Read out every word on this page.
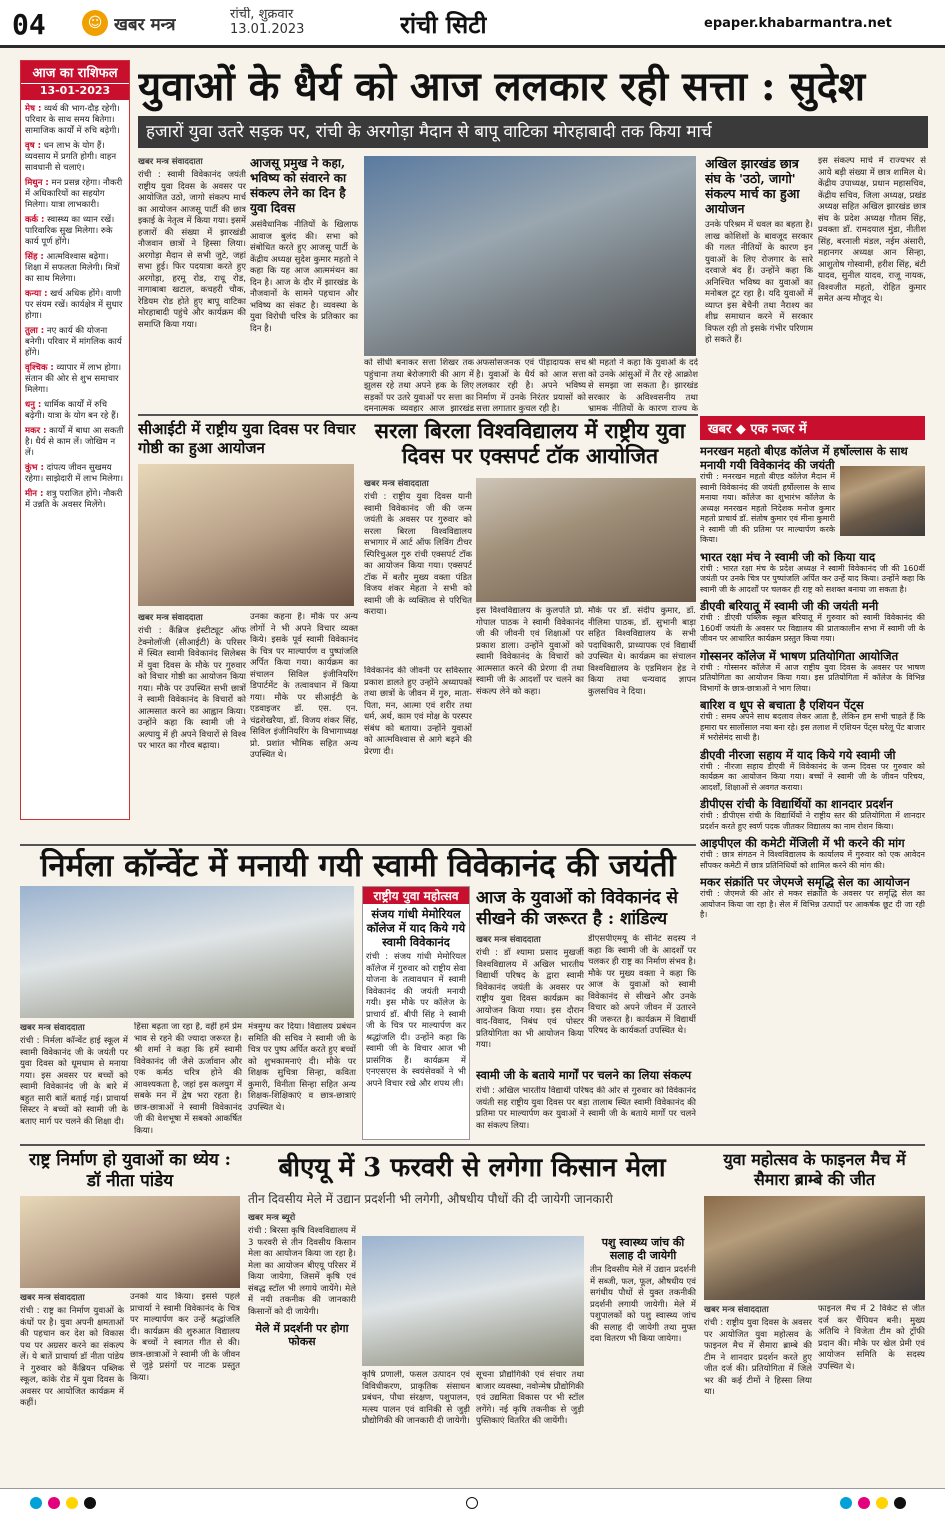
04	☺ खबर मन्त्र
रांची, शुक्रवार
13.01.2023	रांची सिटी	epaper.khabarmantra.net
आज का राशिफल
13-01-2023
मेष : व्यर्थ की भाग-दौड़ रहेगी। परिवार के साथ समय बितेगा। सामाजिक कार्यों में रुचि बढ़ेगी।
वृष : धन लाभ के योग हैं। व्यवसाय में प्रगति होगी। वाहन सावधानी से चलाएं।
मिथुन : मन प्रसन्न रहेगा। नौकरी में अधिकारियों का सहयोग मिलेगा। यात्रा लाभकारी।
कर्क : स्वास्थ्य का ध्यान रखें। पारिवारिक सुख मिलेगा। रुके कार्य पूर्ण होंगे।
सिंह : आत्मविश्वास बढ़ेगा। शिक्षा में सफलता मिलेगी। मित्रों का साथ मिलेगा।
कन्या : खर्च अधिक होंगे। वाणी पर संयम रखें। कार्यक्षेत्र में सुधार होगा।
तुला : नए कार्य की योजना बनेगी। परिवार में मांगलिक कार्य होंगे।
वृश्चिक : व्यापार में लाभ होगा। संतान की ओर से शुभ समाचार मिलेगा।
धनु : धार्मिक कार्यों में रुचि बढ़ेगी। यात्रा के योग बन रहे हैं।
मकर : कार्यों में बाधा आ सकती है। धैर्य से काम लें। जोखिम न लें।
कुंभ : दांपत्य जीवन सुखमय रहेगा। साझेदारी में लाभ मिलेगा।
मीन : शत्रु पराजित होंगे। नौकरी में उन्नति के अवसर मिलेंगे।
युवाओं के धैर्य को आज ललकार रही सत्ता : सुदेश
हजारों युवा उतरे सड़क पर, रांची के अरगोड़ा मैदान से बापू वाटिका मोरहाबादी तक किया मार्च
खबर मन्त्र संवाददाता
रांची : स्वामी विवेकानंद जयंती राष्ट्रीय युवा दिवस के अवसर पर आयोजित उठो, जागो संकल्प मार्च का आयोजन आजसू पार्टी की छात्र इकाई के नेतृत्व में किया गया। इसमें हजारों की संख्या में झारखंडी नौजवान छात्रों ने हिस्सा लिया। अरगोड़ा मैदान से सभी जुटे, जहां सभा हुई। फिर पदयात्रा करते हुए अरगोड़ा, हरमू रोड, राधू रोड, नागाबाबा खटाल, कचहरी चौक, रेडियम रोड होते हुए बापू वाटिका मोरहाबादी पहुंचे और कार्यक्रम की समाप्ति किया गया।
आजसू प्रमुख ने कहा, भविष्य को संवारने का संकल्प लेने का दिन है युवा दिवस
असंवैधानिक नीतियों के खिलाफ आवाज बुलंद की। सभा को संबोधित करते हुए आजसू पार्टी के केंद्रीय अध्यक्ष सुदेश कुमार महतो ने कहा कि यह आज आत्ममंथन का दिन है। आज के दौर में झारखंड के नौजवानों के सामने पहचान और भविष्य का संकट है। व्यवस्था के युवा विरोधी चरित्र के प्रतिकार का दिन है।
को सीधी बनाकर सत्ता शिखर तक पहुंचाना तथा बेरोजगारी की आग में झुलस रहे तथा अपने हक के लिए सड़कों पर उतरे युवाओं पर सत्ता का दमनात्मक व्यवहार आज झारखंड
अफसोसजनक एवं पीड़ादायक सच है। युवाओं के धैर्य को आज सत्ता ललकार रही है। अपने भविष्य निर्माण में उनके निरंतर प्रयासों को सत्ता लगातार कुचल रही है।
श्री महतो ने कहा कि युवाओं के दर्द को उनके आंसुओं में तैर रहे आक्रोश से समझा जा सकता है। झारखंड सरकार के अविश्वसनीय तथा भ्रामक नीतियों के कारण राज्य के
अखिल झारखंड छात्र संघ के 'उठो, जागो' संकल्प मार्च का हुआ आयोजन
उनके परिश्रम में धवल का बहता है। लाख कोशिशों के बावजूद सरकार की गलत नीतियों के कारण इन युवाओं के लिए रोजगार के सारे दरवाजे बंद हैं। उन्होंने कहा कि अनिश्चित भविष्य का युवाओं का मनोबल टूट रहा है। यदि युवाओं में व्याप्त इस बेचैनी तथा नैराश्य का शीघ्र समाधान करने में सरकार विफल रही तो इसके गंभीर परिणाम हो सकते हैं।
इस संकल्प मार्च में राज्यभर से आये बड़ी संख्या में छात्र शामिल थे। केंद्रीय उपाध्यक्ष, प्रधान महासचिव, केंद्रीय सचिव, जिला अध्यक्ष, प्रखंड अध्यक्ष सहित अखिल झारखंड छात्र संघ के प्रदेश अध्यक्ष गौतम सिंह, प्रवक्ता डॉ. रामदयाल मुंडा, नीतीश सिंह, बरनाली मंडल, नईम अंसारी, महानगर अध्यक्ष आन सिन्हा, आशुतोष गोस्वामी, हरीश सिंह, बंटी यादव, सुनील यादव, राजू नायक, विश्वजीत महतो, रोहित कुमार समेत अन्य मौजूद थे।
सीआईटी में राष्ट्रीय युवा दिवस पर विचार गोष्ठी का हुआ आयोजन
खबर मन्त्र संवाददाता
रांची : कैंब्रिज इंस्टीट्यूट ऑफ टेक्नोलॉजी (सीआईटी) के परिसर में स्थित स्वामी विवेकानंद सिलेबस में युवा दिवस के मौके पर गुरुवार को विचार गोष्ठी का आयोजन किया गया। मौके पर उपस्थित सभी छात्रों ने स्वामी विवेकानंद के विचारों को आत्मसात करने का आह्वान किया। उन्होंने कहा कि स्वामी जी ने अल्पायु में ही अपने विचारों से विश्व पर भारत का गौरव बढ़ाया।
उनका कहना है। मौके पर अन्य लोगों ने भी अपने विचार व्यक्त किये। इसके पूर्व स्वामी विवेकानंद के चित्र पर माल्यार्पण व पुष्पांजलि अर्पित किया गया। कार्यक्रम का संचालन सिविल इंजीनियरिंग डिपार्टमेंट के तत्वावधान में किया गया। मौके पर सीआईटी के एडवाइजर डॉ. एस. एन. चंद्रशेखरैया, डॉ. विजय शंकर सिंह, सिविल इंजीनियरिंग के विभागाध्यक्ष प्रो. प्रशांत भौमिक सहित अन्य उपस्थित थे।
सरला बिरला विश्वविद्यालय में राष्ट्रीय युवा दिवस पर एक्सपर्ट टॉक आयोजित
खबर मन्त्र संवाददाता
रांची : राष्ट्रीय युवा दिवस यानी स्वामी विवेकानंद जी की जन्म जयंती के अवसर पर गुरुवार को सरला बिरला विश्वविद्यालय सभागार में आर्ट ऑफ लिविंग टीचर स्पिरिचुअल गुरु रांची एक्सपर्ट टॉक का आयोजन किया गया। एक्सपर्ट टॉक में बतौर मुख्य वक्ता पंडित विजय शंकर मेहता ने सभी को स्वामी जी के व्यक्तित्व से परिचित कराया।
विवेकानंद की जीवनी पर सविस्तार प्रकाश डालते हुए उन्होंने अध्यापकों तथा छात्रों के जीवन में गुरु, माता-पिता, मन, आत्मा एवं शरीर तथा धर्म, अर्थ, काम एवं मोक्ष के परस्पर संबंध को बताया। उन्होंने युवाओं को आत्मविश्वास से आगे बढ़ने की प्रेरणा दी।
इस विश्वविद्यालय के कुलपति प्रो. गोपाल पाठक ने स्वामी विवेकानंद जी की जीवनी एवं शिक्षाओं पर प्रकाश डाला। उन्होंने युवाओं को स्वामी विवेकानंद के विचारों को आत्मसात करने की प्रेरणा दी तथा स्वामी जी के आदर्शों पर चलने का संकल्प लेने को कहा।
मौके पर डॉ. संदीप कुमार, डॉ. नीलिमा पाठक, डॉ. सुभानी बाड़ा सहित विश्वविद्यालय के सभी पदाधिकारी, प्राध्यापक एवं विद्यार्थी उपस्थित थे। कार्यक्रम का संचालन विश्वविद्यालय के एडमिशन हेड ने किया तथा धन्यवाद ज्ञापन कुलसचिव ने दिया।
खबर ◆ एक नजर में
मनरखन महतो बीएड कॉलेज में हर्षोल्लास के साथ मनायी गयी विवेकानंद की जयंती
रांची : मनरखन महतो बीएड कॉलेज मैदान में स्वामी विवेकानंद की जयंती हर्षोल्लास के साथ मनाया गया। कॉलेज का शुभारंभ कॉलेज के अध्यक्ष मनरखन महतो निदेशक मनोज कुमार महतो प्राचार्य डॉ. संतोष कुमार एवं मीना कुमारी ने स्वामी जी की प्रतिमा पर माल्यार्पण करके किया।
भारत रक्षा मंच ने स्वामी जी को किया याद
रांची : भारत रक्षा मंच के प्रदेश अध्यक्ष ने स्वामी विवेकानंद जी की 160वीं जयंती पर उनके चित्र पर पुष्पांजलि अर्पित कर उन्हें याद किया। उन्होंने कहा कि स्वामी जी के आदर्शों पर चलकर ही राष्ट्र को सशक्त बनाया जा सकता है।
डीएवी बरियातू में स्वामी जी की जयंती मनी
रांची : डीएवी पब्लिक स्कूल बरियातू में गुरुवार को स्वामी विवेकानंद की 160वीं जयंती के अवसर पर विद्यालय की प्रातःकालीन सभा में स्वामी जी के जीवन पर आधारित कार्यक्रम प्रस्तुत किया गया।
गोस्सनर कॉलेज में भाषण प्रतियोगिता आयोजित
रांची : गोस्सनर कॉलेज में आज राष्ट्रीय युवा दिवस के अवसर पर भाषण प्रतियोगिता का आयोजन किया गया। इस प्रतियोगिता में कॉलेज के विभिन्न विभागों के छात्र-छात्राओं ने भाग लिया।
बारिश व धूप से बचाता है एशियन पेंट्स
रांची : समय अपने साथ बदलाव लेकर आता है, लेकिन हम सभी चाहते हैं कि हमारा घर सालोंसाल नया बना रहे। इस तलाश में एशियन पेंट्स घरेलू पेंट बाजार में भरोसेमंद साथी है।
डीएवी नीरजा सहाय में याद किये गये स्वामी जी
रांची : नीरजा सहाय डीएवी में विवेकानंद के जन्म दिवस पर गुरुवार को कार्यक्रम का आयोजन किया गया। बच्चों ने स्वामी जी के जीवन परिचय, आदर्शों, शिक्षाओं से अवगत कराया।
डीपीएस रांची के विद्यार्थियों का शानदार प्रदर्शन
रांची : डीपीएस रांची के विद्यार्थियों ने राष्ट्रीय स्तर की प्रतियोगिता में शानदार प्रदर्शन करते हुए स्वर्ण पदक जीतकर विद्यालय का नाम रोशन किया।
आइपीएल की कमेटी मेंजिली में भी करने की मांग
रांची : छात्र संगठन ने विश्वविद्यालय के कार्यालय में गुरुवार को एक आवेदन सौंपकर कमेटी में छात्र प्रतिनिधियों को शामिल करने की मांग की।
मकर संक्रांति पर जेएमजे समृद्धि सेल का आयोजन
रांची : जेएमजे की ओर से मकर संक्रांति के अवसर पर समृद्धि सेल का आयोजन किया जा रहा है। सेल में विभिन्न उत्पादों पर आकर्षक छूट दी जा रही है।
निर्मला कॉन्वेंट में मनायी गयी स्वामी विवेकानंद की जयंती
खबर मन्त्र संवाददाता
रांची : निर्मला कॉन्वेंट हाई स्कूल में स्वामी विवेकानंद जी के जयंती पर युवा दिवस को धूमधाम से मनाया गया। इस अवसर पर बच्चों को स्वामी विवेकानंद जी के बारे में बहुत सारी बातें बताई गई। प्राचार्या सिस्टर ने बच्चों को स्वामी जी के बताए मार्ग पर चलने की शिक्षा दी।
हिंसा बढ़ता जा रहा है, वहीं हमें प्रेम भाव से रहने की ज्यादा जरूरत है। श्री शर्मा ने कहा कि हमें स्वामी विवेकानंद जी जैसे ऊर्जावान और एक कर्मठ चरित्र होने की आवश्यकता है, जहां इस कलयुग में सबके मन में द्वेष भरा रहता है। छात्र-छात्राओं ने स्वामी विवेकानंद जी की वेशभूषा में सबको आकर्षित किया।
मंत्रमुग्ध कर दिया। विद्यालय प्रबंधन समिति की सचिव ने स्वामी जी के चित्र पर पुष्प अर्पित करते हुए बच्चों को शुभकामनाएं दी। मौके पर शिक्षक सुचित्रा सिन्हा, कविता कुमारी, विनीता सिन्हा सहित अन्य शिक्षक-शिक्षिकाएं व छात्र-छात्राएं उपस्थित थे।
राष्ट्रीय युवा महोत्सव
संजय गांधी मेमोरियल कॉलेज में याद किये गये स्वामी विवेकानंद
रांची : संजय गांधी मेमोरियल कॉलेज में गुरुवार को राष्ट्रीय सेवा योजना के तत्वावधान में स्वामी विवेकानंद की जयंती मनायी गयी। इस मौके पर कॉलेज के प्राचार्य डॉ. बीपी सिंह ने स्वामी जी के चित्र पर माल्यार्पण कर श्रद्धांजलि दी। उन्होंने कहा कि स्वामी जी के विचार आज भी प्रासंगिक हैं। कार्यक्रम में एनएसएस के स्वयंसेवकों ने भी अपने विचार रखे और शपथ ली।
आज के युवाओं को विवेकानंद से सीखने की जरूरत है : शांडिल्य
खबर मन्त्र संवाददाता
रांची : डॉ श्यामा प्रसाद मुखर्जी विश्वविद्यालय में अखिल भारतीय विद्यार्थी परिषद के द्वारा स्वामी विवेकानंद जयंती के अवसर पर राष्ट्रीय युवा दिवस कार्यक्रम का आयोजन किया गया। इस दौरान वाद-विवाद, निबंध एवं पोस्टर प्रतियोगिता का भी आयोजन किया गया।
डीएसपीएमयू के सीनेट सदस्य ने कहा कि स्वामी जी के आदर्शों पर चलकर ही राष्ट्र का निर्माण संभव है। मौके पर मुख्य वक्ता ने कहा कि आज के युवाओं को स्वामी विवेकानंद से सीखने और उनके विचार को अपने जीवन में उतारने की जरूरत है। कार्यक्रम में विद्यार्थी परिषद के कार्यकर्ता उपस्थित थे।
स्वामी जी के बताये मार्गों पर चलने का लिया संकल्प
रांची : अखिल भारतीय विद्यार्थी परिषद की ओर से गुरुवार को विवेकानंद जयंती सह राष्ट्रीय युवा दिवस पर बड़ा तालाब स्थित स्वामी विवेकानंद की प्रतिमा पर माल्यार्पण कर युवाओं ने स्वामी जी के बताये मार्गों पर चलने का संकल्प लिया।
राष्ट्र निर्माण हो युवाओं का ध्येय : डॉ नीता पांडेय
खबर मन्त्र संवाददाता
रांची : राष्ट्र का निर्माण युवाओं के कंधों पर है। युवा अपनी क्षमताओं की पहचान कर देश को विकास पथ पर अग्रसर करने का संकल्प लें। ये बातें प्राचार्या डॉ नीता पांडेय ने गुरुवार को कैंब्रियन पब्लिक स्कूल, कांके रोड में युवा दिवस के अवसर पर आयोजित कार्यक्रम में कहीं।
उनको याद किया। इससे पहले प्राचार्या ने स्वामी विवेकानंद के चित्र पर माल्यार्पण कर उन्हें श्रद्धांजलि दी। कार्यक्रम की शुरुआत विद्यालय के बच्चों ने स्वागत गीत से की। छात्र-छात्राओं ने स्वामी जी के जीवन से जुड़े प्रसंगों पर नाटक प्रस्तुत किया।
बीएयू में 3 फरवरी से लगेगा किसान मेला
तीन दिवसीय मेले में उद्यान प्रदर्शनी भी लगेगी, औषधीय पौधों की दी जायेगी जानकारी
खबर मन्त्र ब्यूरो
रांची : बिरसा कृषि विश्वविद्यालय में 3 फरवरी से तीन दिवसीय किसान मेला का आयोजन किया जा रहा है। मेला का आयोजन बीएयू परिसर में किया जायेगा, जिसमें कृषि एवं संबद्ध स्टॉल भी लगाये जायेंगे। मेले में नयी तकनीक की जानकारी किसानों को दी जायेगी।
मेले में प्रदर्शनी पर होगा फोकस
कृषि प्रणाली, फसल उत्पादन एवं विविधीकरण, प्राकृतिक संसाधन प्रबंधन, पौधा संरक्षण, पशुपालन, मत्स्य पालन एवं वानिकी से जुड़ी प्रौद्योगिकी की जानकारी दी जायेगी।
सूचना प्रौद्योगिकी एवं संचार तथा बाजार व्यवस्था, नवोन्मेष प्रौद्योगिकी एवं उद्यमिता विकास पर भी स्टॉल लगेंगे। नई कृषि तकनीक से जुड़ी पुस्तिकाएं वितरित की जायेंगी।
पशु स्वास्थ्य जांच की सलाह दी जायेगी
तीन दिवसीय मेले में उद्यान प्रदर्शनी में सब्जी, फल, फूल, औषधीय एवं सगंधीय पौधों से युक्त तकनीकी प्रदर्शनी लगायी जायेगी। मेले में पशुपालकों को पशु स्वास्थ्य जांच की सलाह दी जायेगी तथा मुफ्त दवा वितरण भी किया जायेगा।
युवा महोत्सव के फाइनल मैच में सैमारा ब्राम्बे की जीत
खबर मन्त्र संवाददाता
रांची : राष्ट्रीय युवा दिवस के अवसर पर आयोजित युवा महोत्सव के फाइनल मैच में सैमारा ब्राम्बे की टीम ने शानदार प्रदर्शन करते हुए जीत दर्ज की। प्रतियोगिता में जिले भर की कई टीमों ने हिस्सा लिया था।
फाइनल मैच में 2 विकेट से जीत दर्ज कर चैंपियन बनी। मुख्य अतिथि ने विजेता टीम को ट्रॉफी प्रदान की। मौके पर खेल प्रेमी एवं आयोजन समिति के सदस्य उपस्थित थे।
